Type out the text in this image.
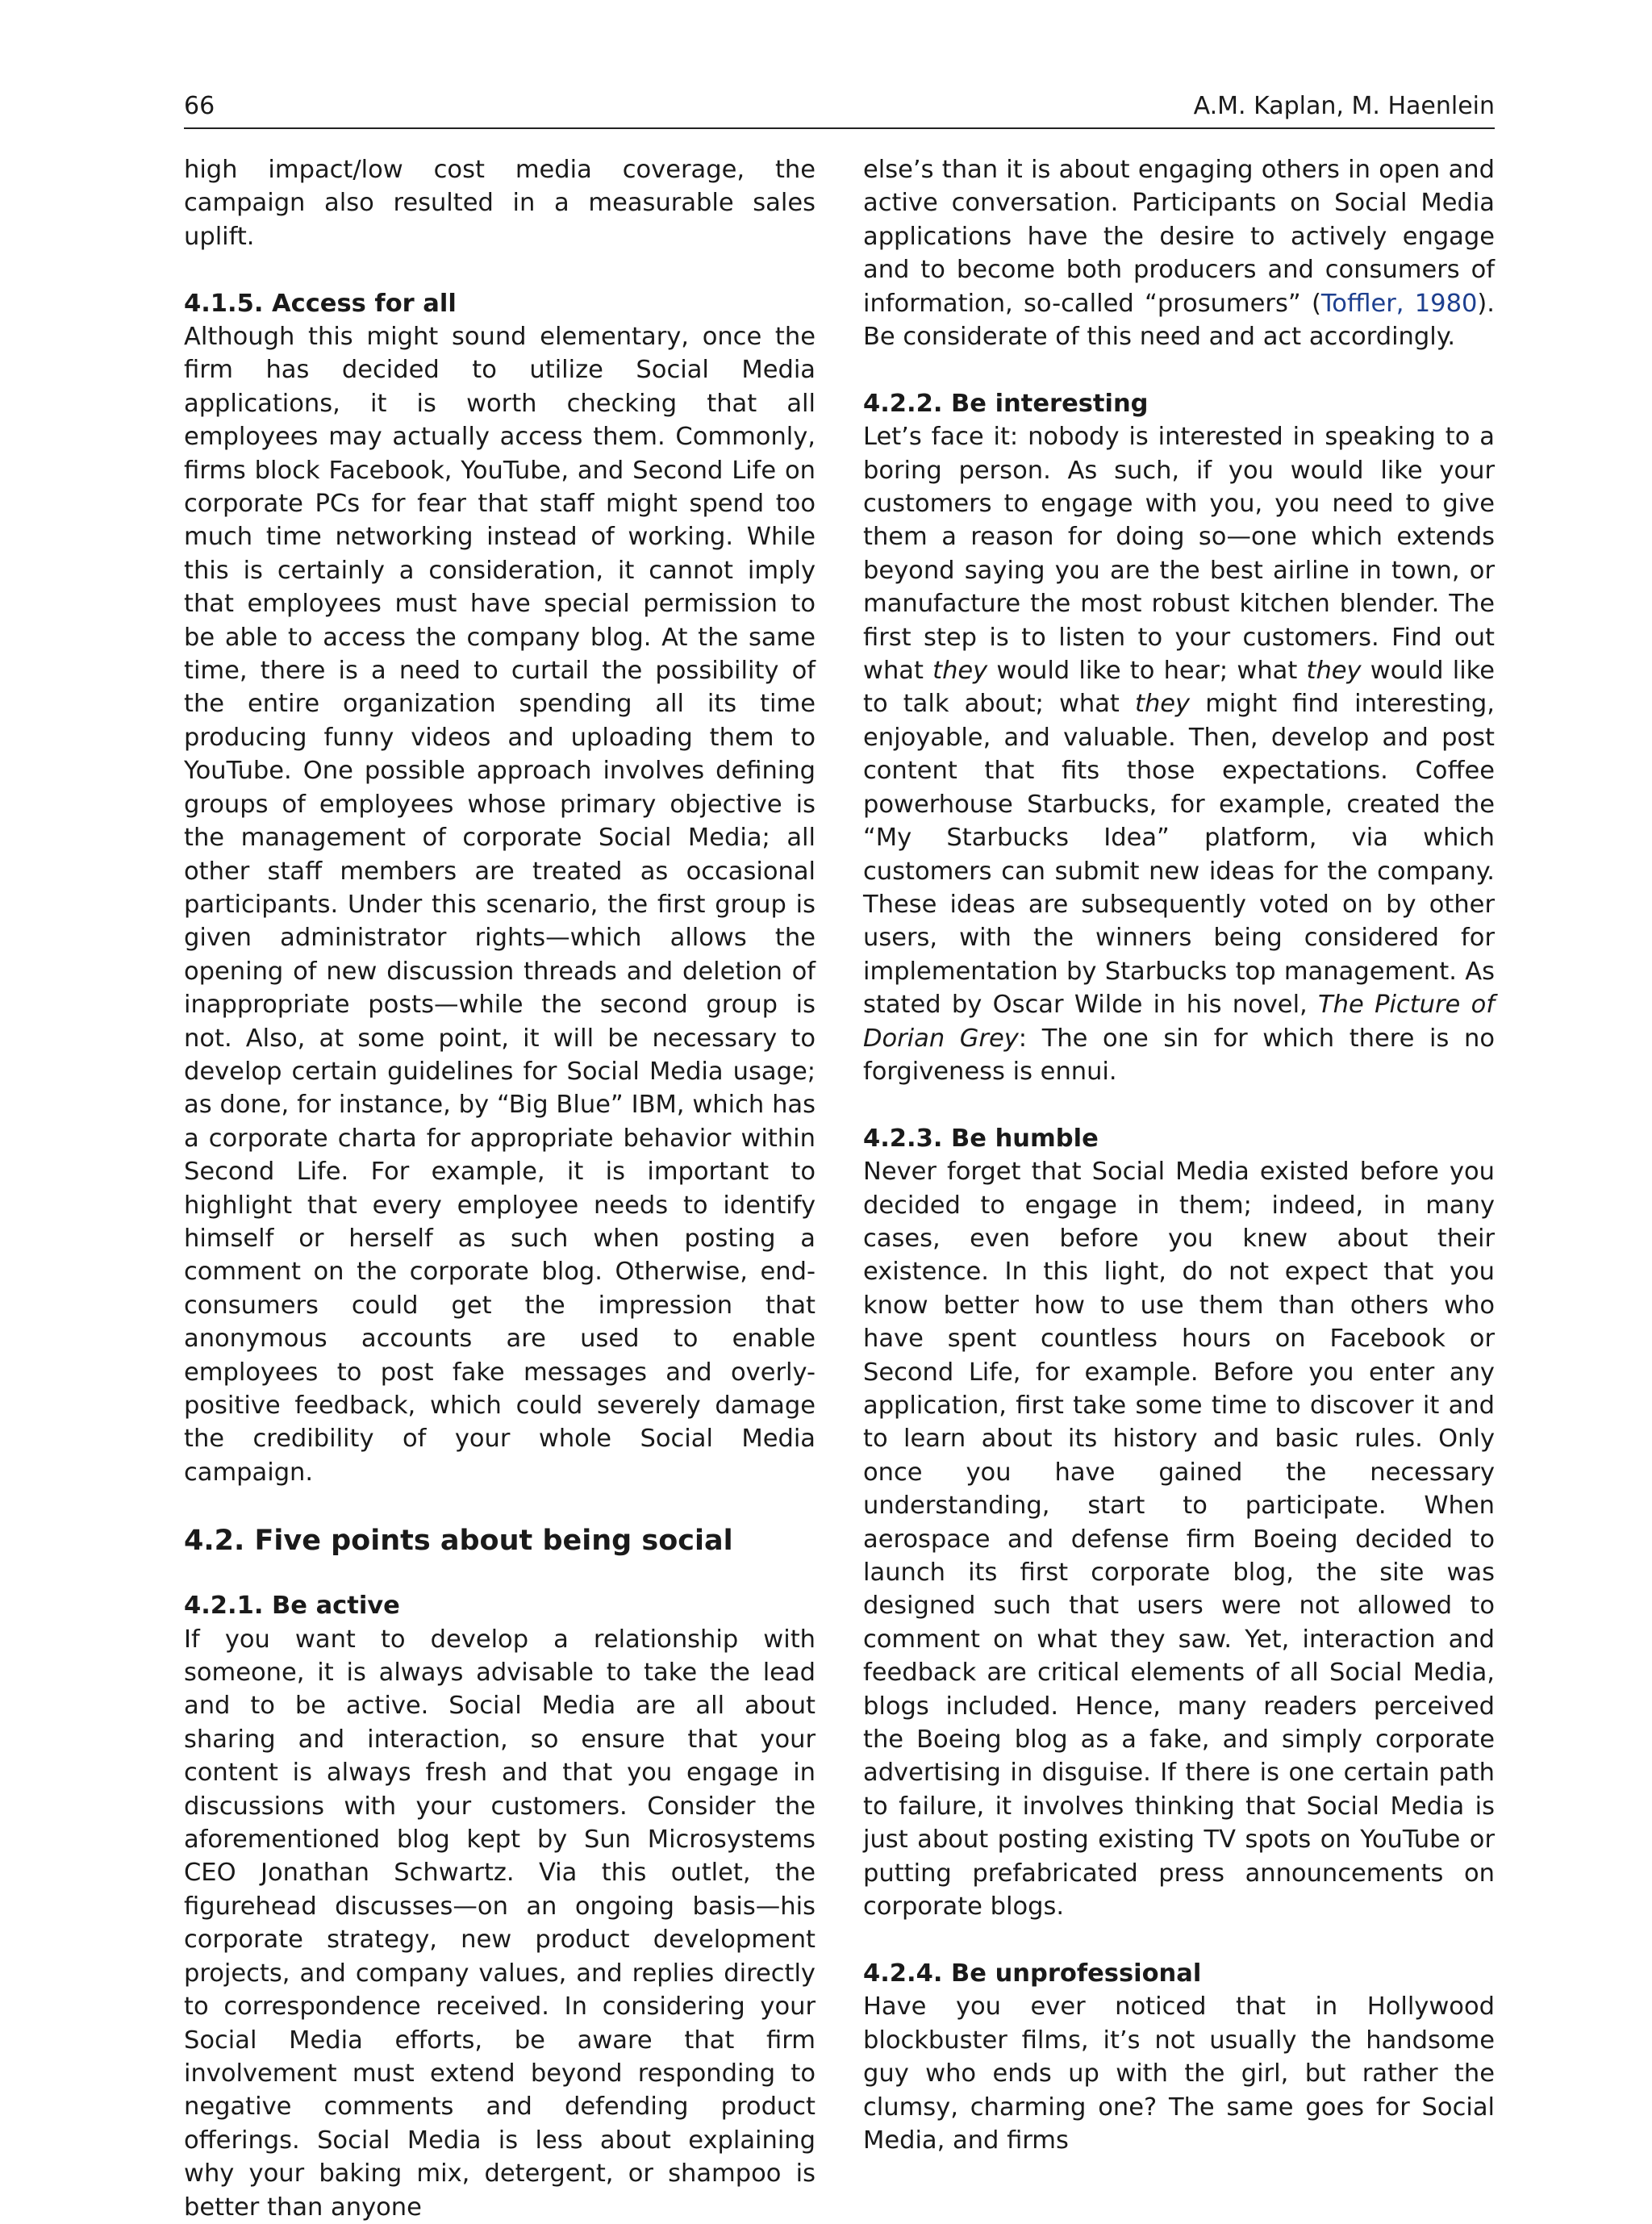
66	A.M. Kaplan, M. Haenlein

high impact/low cost media coverage, the campaign also resulted in a measurable sales uplift.

4.1.5. Access for all

Although this might sound elementary, once the firm has decided to utilize Social Media applications, it is worth checking that all employees may actually access them. Commonly, firms block Facebook, YouTube, and Second Life on corporate PCs for fear that staff might spend too much time networking instead of working. While this is certainly a consideration, it cannot imply that employees must have special permission to be able to access the company blog. At the same time, there is a need to curtail the possibility of the entire organization spending all its time producing funny videos and uploading them to YouTube. One possible approach involves defining groups of employees whose primary objective is the management of corporate Social Media; all other staff members are treated as occasional participants. Under this scenario, the first group is given administrator rights—which allows the opening of new discussion threads and deletion of inappropriate posts—while the second group is not. Also, at some point, it will be necessary to develop certain guidelines for Social Media usage; as done, for instance, by “Big Blue” IBM, which has a corporate charta for appropriate behavior within Second Life. For example, it is important to highlight that every employee needs to identify himself or herself as such when posting a comment on the corporate blog. Otherwise, end-consumers could get the impression that anonymous accounts are used to enable employees to post fake messages and overly-positive feedback, which could severely damage the credibility of your whole Social Media campaign.

4.2. Five points about being social
4.2.1. Be active

If you want to develop a relationship with someone, it is always advisable to take the lead and to be active. Social Media are all about sharing and interaction, so ensure that your content is always fresh and that you engage in discussions with your customers. Consider the aforementioned blog kept by Sun Microsystems CEO Jonathan Schwartz. Via this outlet, the figurehead discusses—on an ongoing basis—his corporate strategy, new product development projects, and company values, and replies directly to correspondence received. In considering your Social Media efforts, be aware that firm involvement must extend beyond responding to negative comments and defending product offerings. Social Media is less about explaining why your baking mix, detergent, or shampoo is better than anyone

else’s than it is about engaging others in open and active conversation. Participants on Social Media applications have the desire to actively engage and to become both producers and consumers of information, so-called “prosumers” (Toffler, 1980). Be considerate of this need and act accordingly.

4.2.2. Be interesting

Let’s face it: nobody is interested in speaking to a boring person. As such, if you would like your customers to engage with you, you need to give them a reason for doing so—one which extends beyond saying you are the best airline in town, or manufacture the most robust kitchen blender. The first step is to listen to your customers. Find out what they would like to hear; what they would like to talk about; what they might find interesting, enjoyable, and valuable. Then, develop and post content that fits those expectations. Coffee powerhouse Starbucks, for example, created the “My Starbucks Idea” platform, via which customers can submit new ideas for the company. These ideas are subsequently voted on by other users, with the winners being considered for implementation by Starbucks top management. As stated by Oscar Wilde in his novel, The Picture of Dorian Grey: The one sin for which there is no forgiveness is ennui.

4.2.3. Be humble

Never forget that Social Media existed before you decided to engage in them; indeed, in many cases, even before you knew about their existence. In this light, do not expect that you know better how to use them than others who have spent countless hours on Facebook or Second Life, for example. Before you enter any application, first take some time to discover it and to learn about its history and basic rules. Only once you have gained the necessary understanding, start to participate. When aerospace and defense firm Boeing decided to launch its first corporate blog, the site was designed such that users were not allowed to comment on what they saw. Yet, interaction and feedback are critical elements of all Social Media, blogs included. Hence, many readers perceived the Boeing blog as a fake, and simply corporate advertising in disguise. If there is one certain path to failure, it involves thinking that Social Media is just about posting existing TV spots on YouTube or putting prefabricated press announcements on corporate blogs.

4.2.4. Be unprofessional

Have you ever noticed that in Hollywood blockbuster films, it’s not usually the handsome guy who ends up with the girl, but rather the clumsy, charming one? The same goes for Social Media, and firms
